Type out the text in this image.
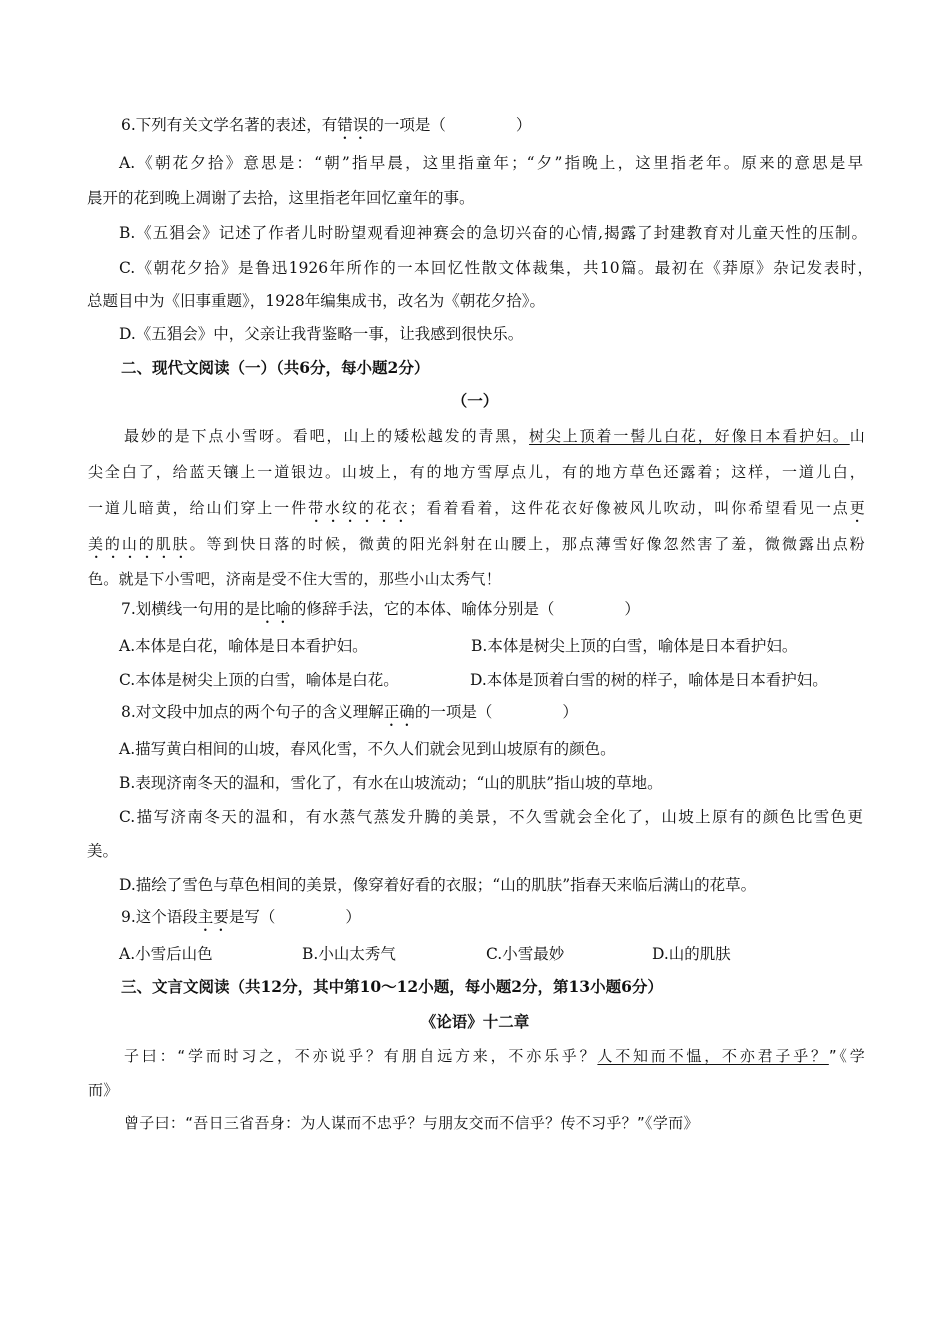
6.下列有关文学名著的表述，有错误的一项是（	）
A.《朝花夕拾》意思是：“朝”指早晨，这里指童年；“夕”指晚上，这里指老年。原来的意思是早
晨开的花到晚上凋谢了去拾，这里指老年回忆童年的事。
B.《五猖会》记述了作者儿时盼望观看迎神赛会的急切兴奋的心情,揭露了封建教育对儿童天性的压制。
C.《朝花夕拾》是鲁迅1926年所作的一本回忆性散文体裁集，共10篇。最初在《莽原》杂记发表时，
总题目中为《旧事重题》，1928年编集成书，改名为《朝花夕拾》。
D.《五猖会》中，父亲让我背鉴略一事，让我感到很快乐。
二、现代文阅读（一）（共6分，每小题2分）
（一）
最妙的是下点小雪呀。看吧，山上的矮松越发的青黑，树尖上顶着一髻儿白花，好像日本看护妇。山
尖全白了，给蓝天镶上一道银边。山坡上，有的地方雪厚点儿，有的地方草色还露着；这样，一道儿白，
一道儿暗黄，给山们穿上一件带水纹的花衣；看着看着，这件花衣好像被风儿吹动，叫你希望看见一点更
美的山的肌肤。等到快日落的时候，微黄的阳光斜射在山腰上，那点薄雪好像忽然害了羞，微微露出点粉
色。就是下小雪吧，济南是受不住大雪的，那些小山太秀气！
7.划横线一句用的是比喻的修辞手法，它的本体、喻体分别是（	）
A.本体是白花，喻体是日本看护妇。	B.本体是树尖上顶的白雪，喻体是日本看护妇。
C.本体是树尖上顶的白雪，喻体是白花。	D.本体是顶着白雪的树的样子，喻体是日本看护妇。
8.对文段中加点的两个句子的含义理解正确的一项是（	）
A.描写黄白相间的山坡，春风化雪，不久人们就会见到山坡原有的颜色。
B.表现济南冬天的温和，雪化了，有水在山坡流动；“山的肌肤”指山坡的草地。
C.描写济南冬天的温和，有水蒸气蒸发升腾的美景，不久雪就会全化了，山坡上原有的颜色比雪色更
美。
D.描绘了雪色与草色相间的美景，像穿着好看的衣服；“山的肌肤”指春天来临后满山的花草。
9.这个语段主要是写（	）
A.小雪后山色	B.小山太秀气	C.小雪最妙	D.山的肌肤
三、文言文阅读（共12分，其中第10～12小题，每小题2分，第13小题6分）
《论语》十二章
子曰：“学而时习之，不亦说乎？有朋自远方来，不亦乐乎？人不知而不愠，不亦君子乎？”《学
而》
曾子曰：“吾日三省吾身：为人谋而不忠乎？与朋友交而不信乎？传不习乎？”《学而》
